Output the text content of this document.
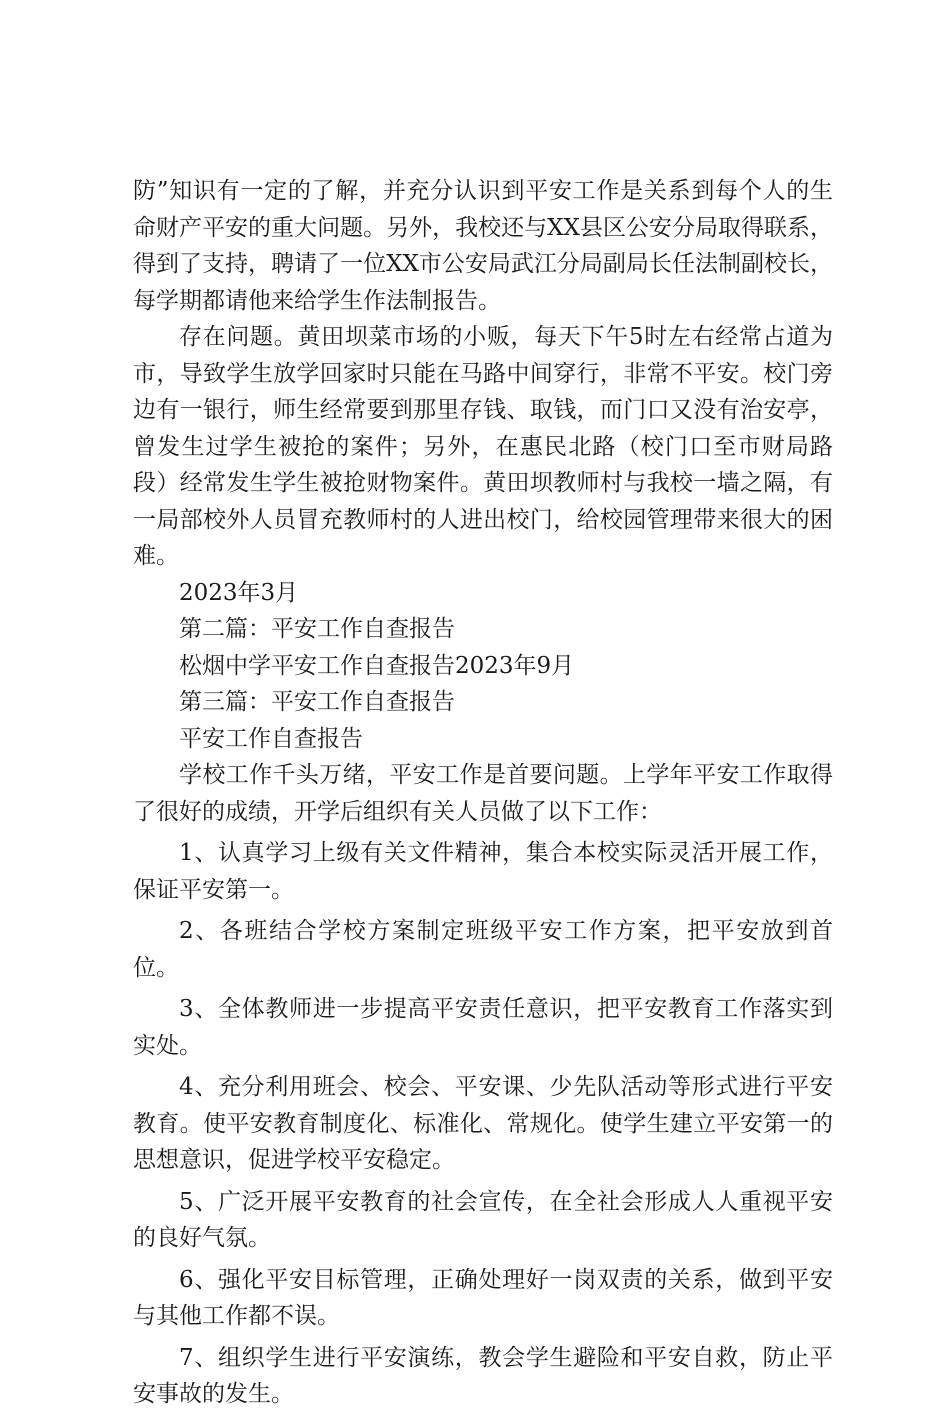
防”知识有一定的了解，并充分认识到平安工作是关系到每个人的生命财产平安的重大问题。另外，我校还与XX县区公安分局取得联系，得到了支持，聘请了一位XX市公安局武江分局副局长任法制副校长，每学期都请他来给学生作法制报告。

存在问题。黄田坝菜市场的小贩，每天下午5时左右经常占道为市，导致学生放学回家时只能在马路中间穿行，非常不平安。校门旁边有一银行，师生经常要到那里存钱、取钱，而门口又没有治安亭，曾发生过学生被抢的案件；另外，在惠民北路（校门口至市财局路段）经常发生学生被抢财物案件。黄田坝教师村与我校一墙之隔，有一局部校外人员冒充教师村的人进出校门，给校园管理带来很大的困难。

2023年3月

第二篇：平安工作自查报告

松烟中学平安工作自查报告2023年9月

第三篇：平安工作自查报告

平安工作自查报告

学校工作千头万绪，平安工作是首要问题。上学年平安工作取得了很好的成绩，开学后组织有关人员做了以下工作：

1、认真学习上级有关文件精神，集合本校实际灵活开展工作，保证平安第一。

2、各班结合学校方案制定班级平安工作方案，把平安放到首位。

3、全体教师进一步提高平安责任意识，把平安教育工作落实到实处。

4、充分利用班会、校会、平安课、少先队活动等形式进行平安教育。使平安教育制度化、标准化、常规化。使学生建立平安第一的思想意识，促进学校平安稳定。

5、广泛开展平安教育的社会宣传，在全社会形成人人重视平安的良好气氛。

6、强化平安目标管理，正确处理好一岗双责的关系，做到平安与其他工作都不误。

7、组织学生进行平安演练，教会学生避险和平安自救，防止平安事故的发生。
